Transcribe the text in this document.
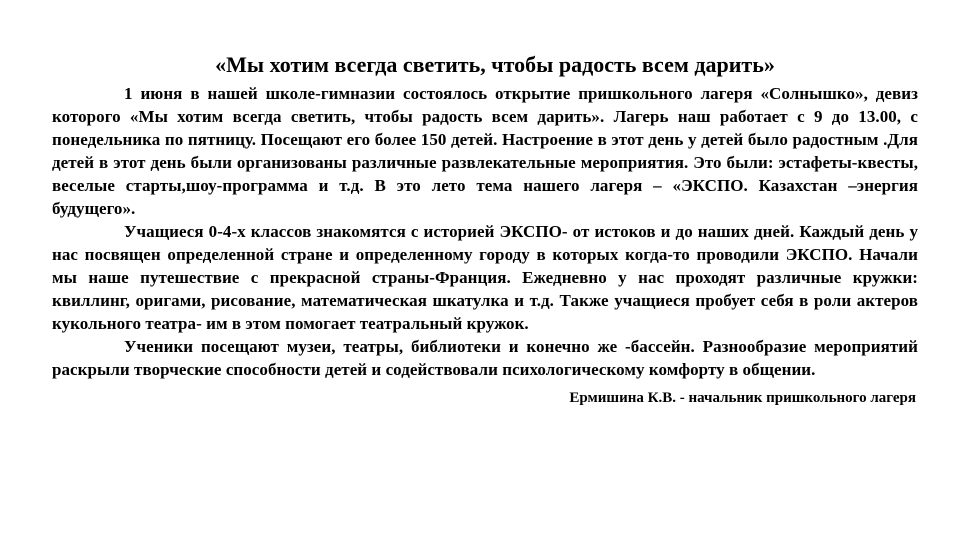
«Мы хотим всегда светить, чтобы радость всем дарить»

1 июня в нашей школе-гимназии состоялось открытие пришкольного лагеря «Солнышко», девиз которого «Мы хотим всегда светить, чтобы радость всем дарить». Лагерь наш работает с 9 до 13.00, с понедельника по пятницу. Посещают его более 150 детей. Настроение в этот день у детей было радостным .Для детей в этот день были организованы различные развлекательные мероприятия. Это были: эстафеты-квесты, веселые старты,шоу-программа и т.д. В это лето тема нашего лагеря – «ЭКСПО. Казахстан –энергия будущего».

Учащиеся 0-4-х классов знакомятся с историей ЭКСПО- от истоков и до наших дней. Каждый день у нас посвящен определенной стране и определенному городу в которых когда-то проводили ЭКСПО. Начали мы наше путешествие с прекрасной страны-Франция. Ежедневно у нас проходят различные кружки: квиллинг, оригами, рисование, математическая шкатулка и т.д. Также учащиеся пробует себя в роли актеров кукольного театра- им в этом помогает театральный кружок.

Ученики посещают музеи, театры, библиотеки и конечно же -бассейн. Разнообразие мероприятий раскрыли творческие способности детей и содействовали психологическому комфорту в общении.

Ермишина К.В. - начальник пришкольного лагеря
